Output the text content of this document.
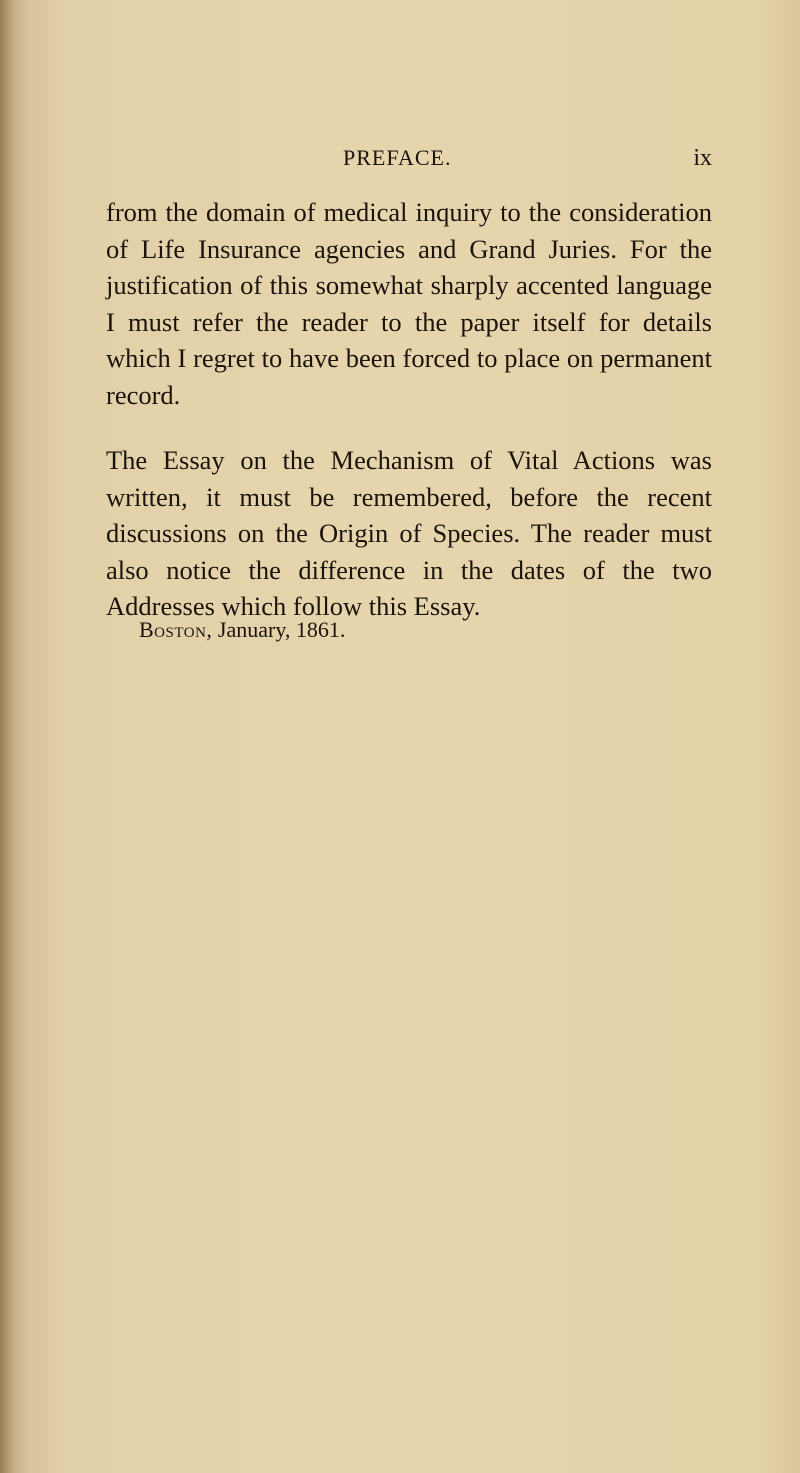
PREFACE.	ix

from the domain of medical inquiry to the consideration of Life Insurance agencies and Grand Juries. For the justification of this somewhat sharply accented language I must refer the reader to the paper itself for details which I regret to have been forced to place on permanent record.

The Essay on the Mechanism of Vital Actions was written, it must be remembered, before the recent discussions on the Origin of Species. The reader must also notice the difference in the dates of the two Addresses which follow this Essay.

Boston, January, 1861.
